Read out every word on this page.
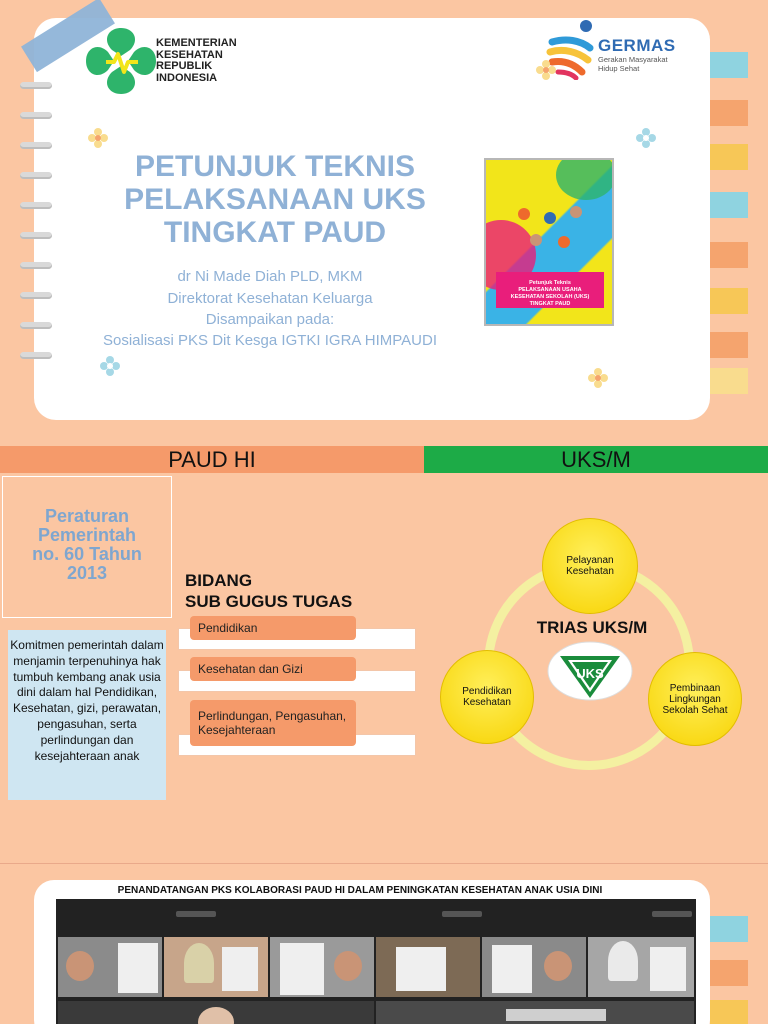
KEMENTERIAN
KESEHATAN
REPUBLIK
INDONESIA
GERMAS
Gerakan Masyarakat
Hidup Sehat
PETUNJUK TEKNIS
PELAKSANAAN UKS
TINGKAT PAUD
dr Ni Made Diah PLD, MKM
Direktorat Kesehatan Keluarga
Disampaikan pada:
Sosialisasi PKS Dit Kesga IGTKI IGRA HIMPAUDI
Petunjuk Teknis
PELAKSANAAN USAHA
KESEHATAN SEKOLAH (UKS)
TINGKAT PAUD
PAUD HI	UKS/M
Peraturan
Pemerintah
no. 60 Tahun
2013
Komitmen pemerintah dalam menjamin terpenuhinya hak tumbuh kembang anak usia dini dalam hal Pendidikan, Kesehatan, gizi, perawatan, pengasuhan, serta perlindungan dan kesejahteraan anak
BIDANG
SUB GUGUS TUGAS
Pendidikan
Kesehatan dan Gizi
Perlindungan, Pengasuhan, Kesejahteraan
Pelayanan Kesehatan
Pendidikan Kesehatan
Pembinaan Lingkungan Sekolah Sehat
TRIAS UKS/M
UKS
PENANDATANGAN PKS KOLABORASI PAUD HI DALAM PENINGKATAN KESEHATAN ANAK USIA DINI
